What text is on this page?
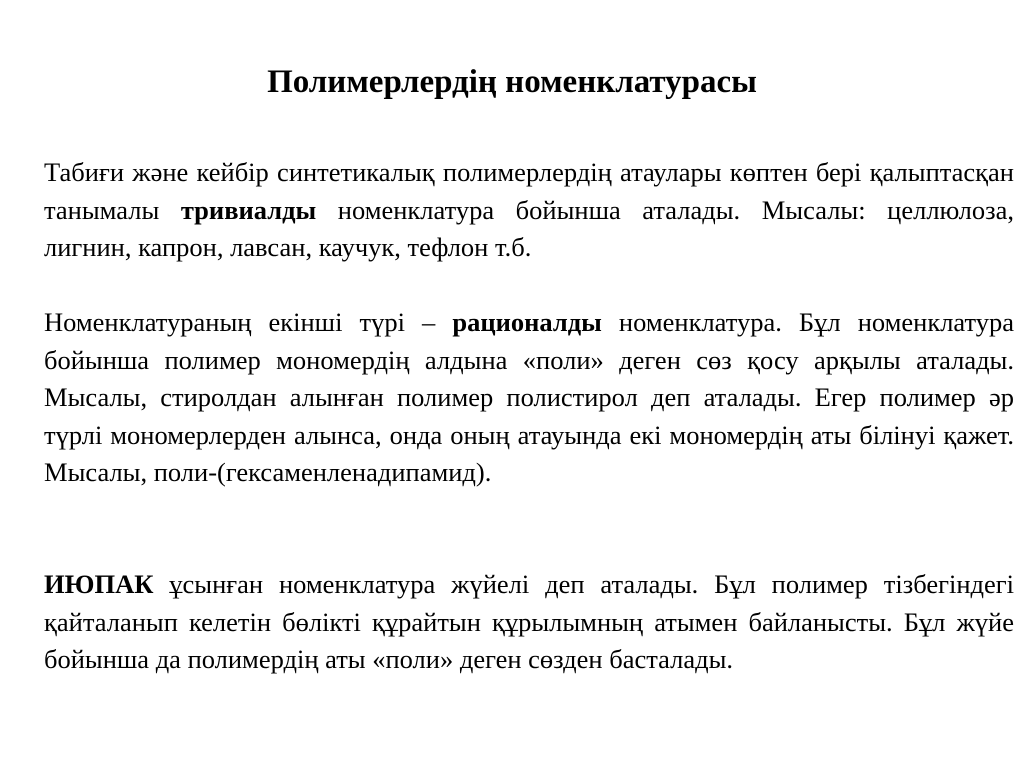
Полимерлердің номенклатурасы

Табиғи және кейбір синтетикалық полимерлердің атаулары көптен бері қалыптасқан танымалы тривиалды номенклатура бойынша аталады. Мысалы: целлюлоза, лигнин, капрон, лавсан, каучук, тефлон т.б.

Номенклатураның екінші түрі – рационалды номенклатура. Бұл номенклатура бойынша полимер мономердің алдына «поли» деген сөз қосу арқылы аталады. Мысалы, стиролдан алынған полимер полистирол деп аталады. Егер полимер әр түрлі мономерлерден алынса, онда оның атауында екі мономердің аты білінуі қажет. Мысалы, поли-(гексаменленадипамид).

ИЮПАК ұсынған номенклатура жүйелі деп аталады. Бұл полимер тізбегіндегі қайталанып келетін бөлікті құрайтын құрылымның атымен байланысты. Бұл жүйе бойынша да полимердің аты «поли» деген сөзден басталады.
